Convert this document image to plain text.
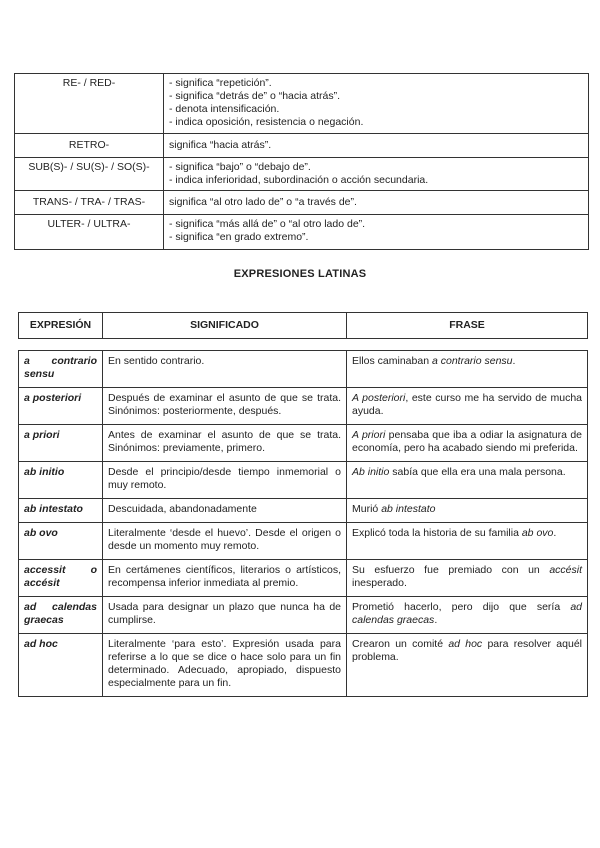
RE- / RED-	- significa “repetición”.
- significa “detrás de” o “hacia atrás”.
- denota intensificación.
- indica oposición, resistencia o negación.

RETRO-	significa “hacia atrás”.

SUB(S)- / SU(S)- / SO(S)-	- significa “bajo” o “debajo de”.
- indica inferioridad, subordinación o acción secundaria.

TRANS- / TRA- / TRAS-	significa “al otro lado de” o “a través de”.

ULTER- / ULTRA-	- significa “más allá de” o “al otro lado de”.
- significa “en grado extremo”.
EXPRESIONES LATINAS
EXPRESIÓN	SIGNIFICADO	FRASE
a contrario sensu	En sentido contrario.	Ellos caminaban a contrario sensu.
a posteriori	Después de examinar el asunto de que se trata. Sinónimos: posteriormente, después.	A posteriori, este curso me ha servido de mucha ayuda.
a priori	Antes de examinar el asunto de que se trata. Sinónimos: previamente, primero.	A priori pensaba que iba a odiar la asignatura de economía, pero ha acabado siendo mi preferida.
ab initio	Desde el principio/desde tiempo inmemorial o muy remoto.	Ab initio sabía que ella era una mala persona.
ab intestato	Descuidada, abandonadamente	Murió ab intestato
ab ovo	Literalmente ‘desde el huevo’. Desde el origen o desde un momento muy remoto.	Explicó toda la historia de su familia ab ovo.
accessit o accésit	En certámenes científicos, literarios o artísticos, recompensa inferior inmediata al premio.	Su esfuerzo fue premiado con un accésit inesperado.
ad calendas graecas	Usada para designar un plazo que nunca ha de cumplirse.	Prometió hacerlo, pero dijo que sería ad calendas graecas.
ad hoc	Literalmente ‘para esto’. Expresión usada para referirse a lo que se dice o hace solo para un fin determinado. Adecuado, apropiado, dispuesto especialmente para un fin.	Crearon un comité ad hoc para resolver aquél problema.
